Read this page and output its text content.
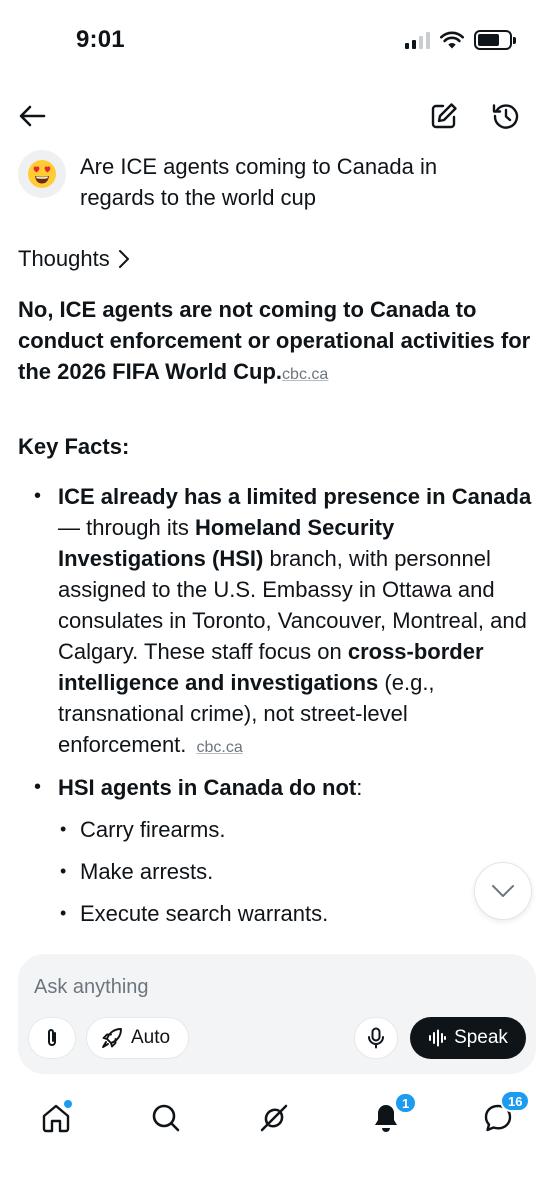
9:01
Are ICE agents coming to Canada in regards to the world cup
Thoughts
No, ICE agents are not coming to Canada to conduct enforcement or operational activities for the 2026 FIFA World Cup.cbc.ca
Key Facts:
• ICE already has a limited presence in Canada — through its Homeland Security Investigations (HSI) branch, with personnel assigned to the U.S. Embassy in Ottawa and consulates in Toronto, Vancouver, Montreal, and Calgary. These staff focus on cross-border intelligence and investigations (e.g., transnational crime), not street-level enforcement. cbc.ca
• HSI agents in Canada do not:
• Carry firearms.
• Make arrests.
• Execute search warrants.
Ask anything
Auto	Speak
1	16
